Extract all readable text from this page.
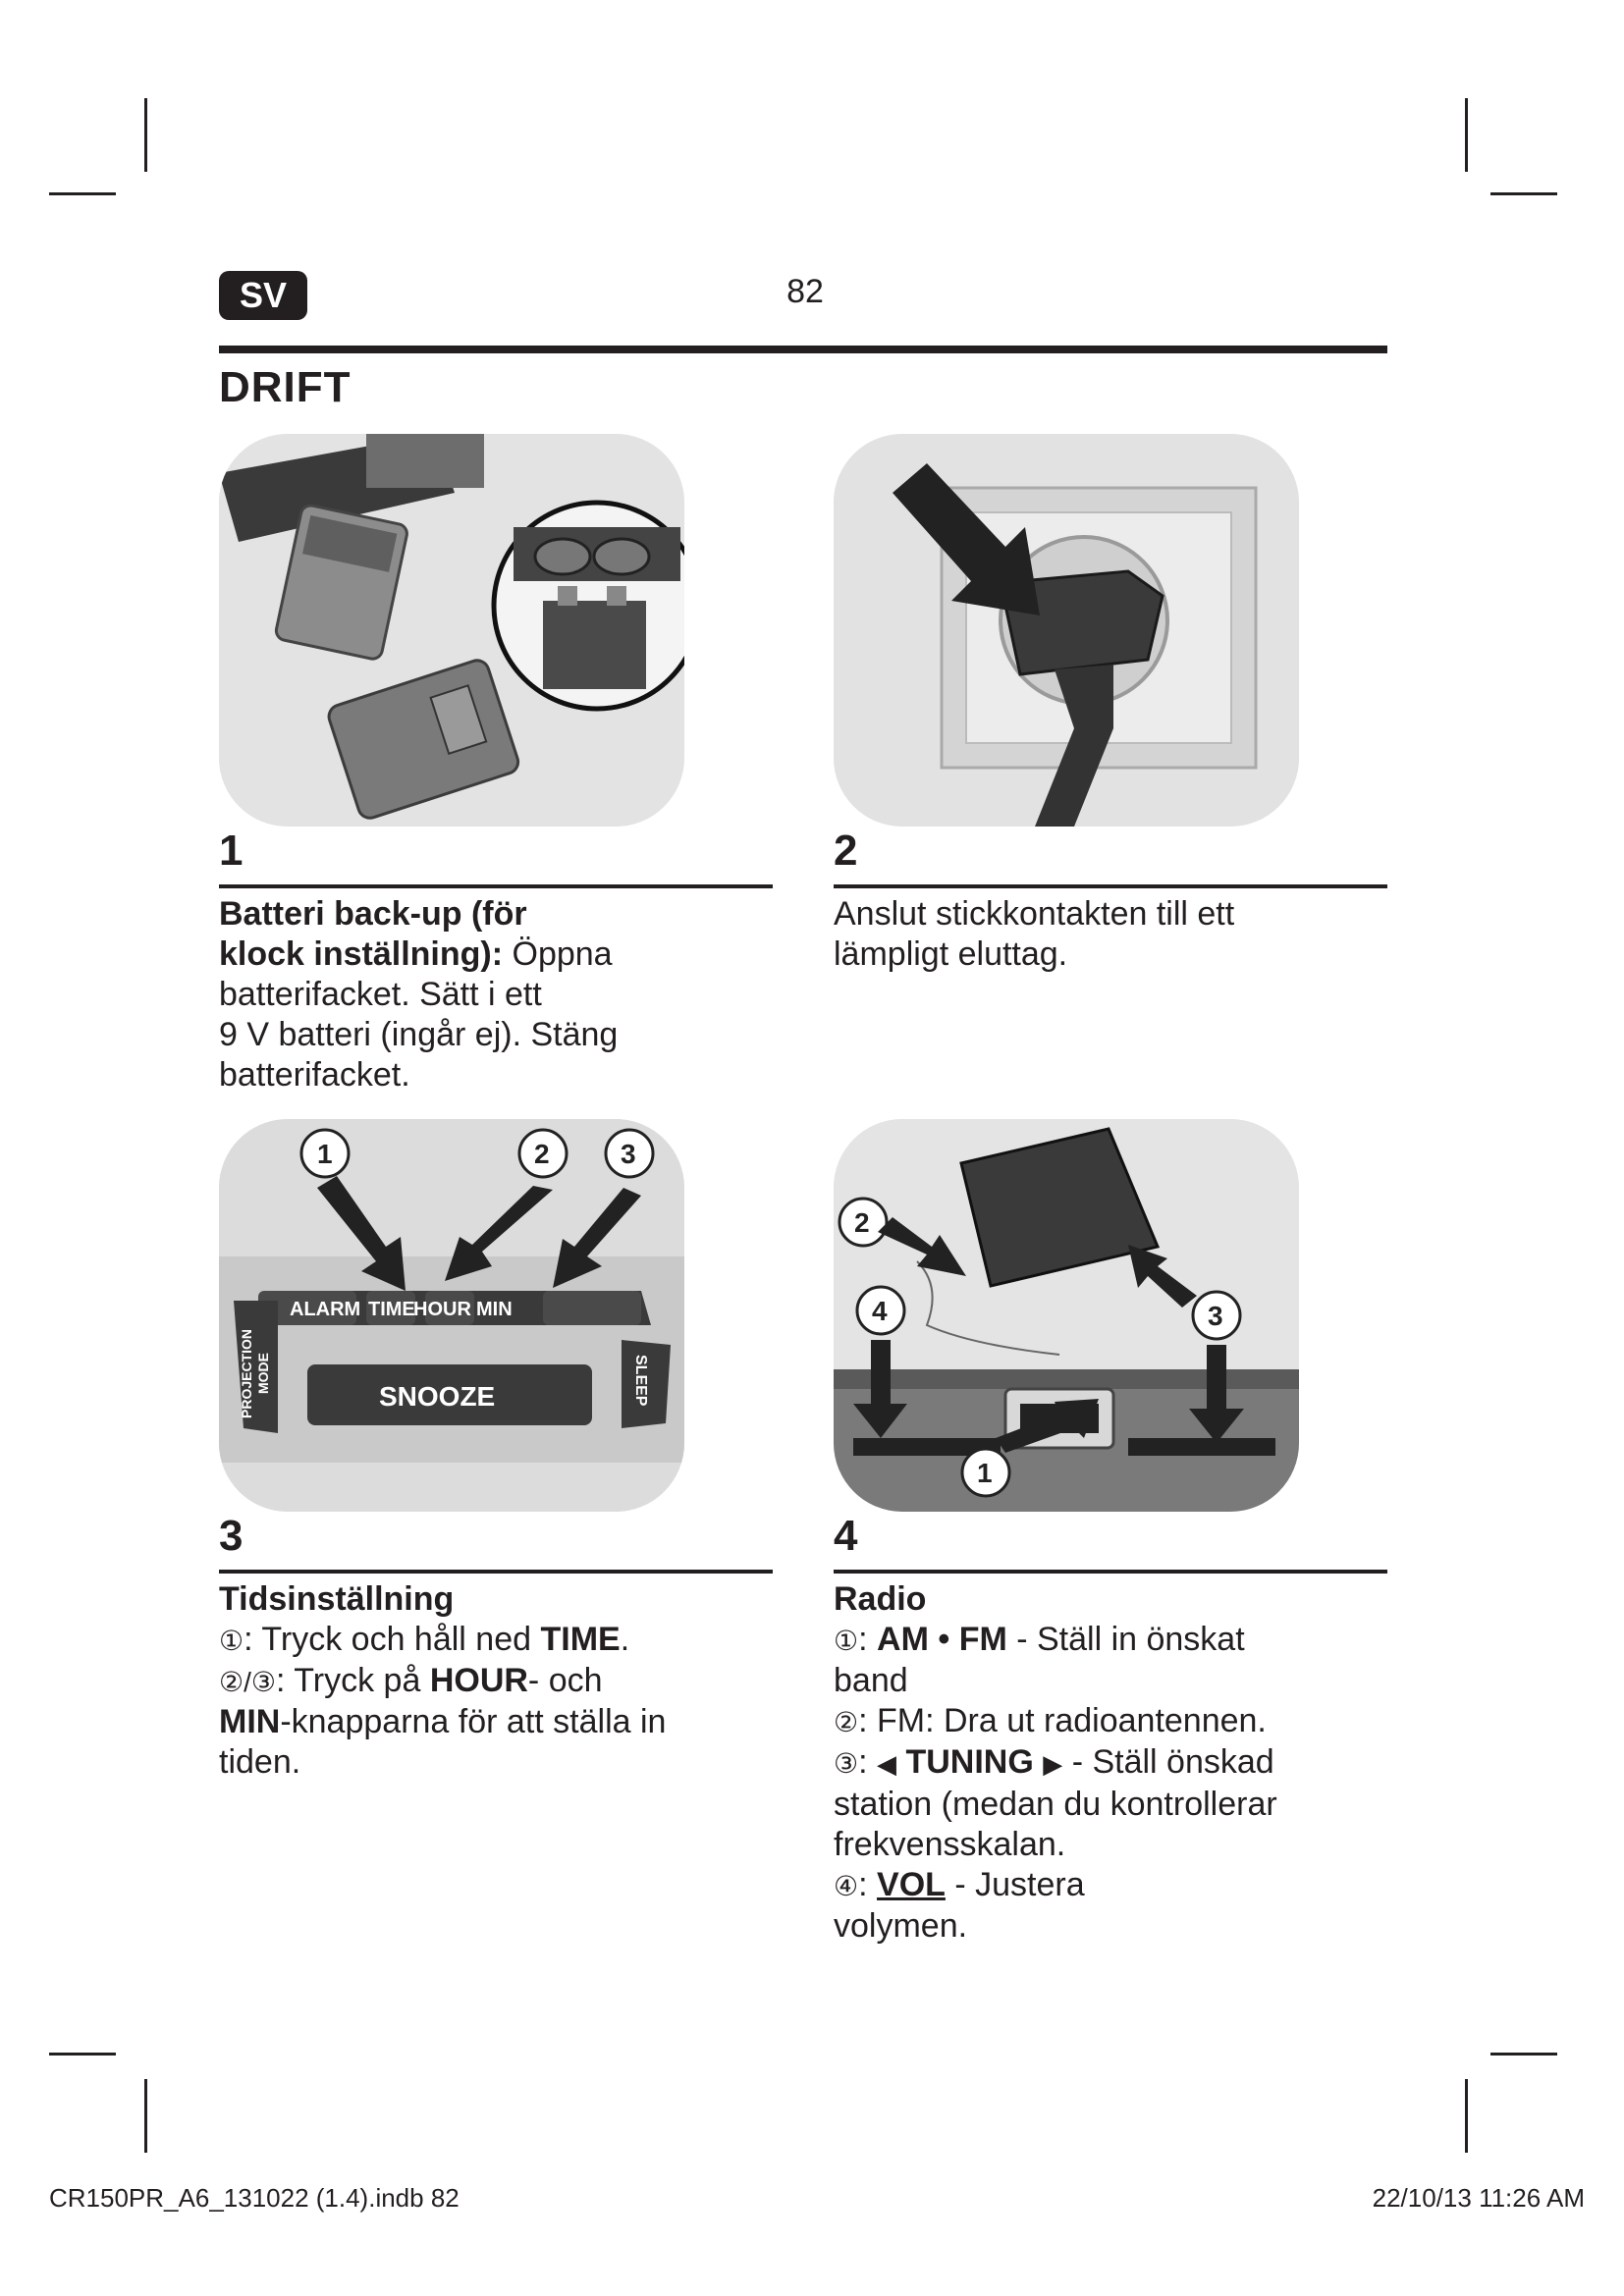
SV	82
DRIFT
1
Batteri back-up (för
klock inställning): Öppna
batterifacket. Sätt i ett
9 V batteri (ingår ej). Stäng
batterifacket.
2
Anslut stickkontakten till ett
lämpligt eluttag.
ALARM TIME
HOUR MIN
PROJECTION MODE
SNOOZE	SLEEP
1	2	3
2
4	3
1
3
Tidsinställning
①: Tryck och håll ned TIME.
②/③: Tryck på HOUR- och
MIN-knapparna för att ställa in
tiden.
4
Radio
①: AM • FM - Ställ in önskat
band
②: FM: Dra ut radioantennen.
③: ◀ TUNING ▶ - Ställ önskad
station (medan du kontrollerar
frekvensskalan.
④: VOL - Justera
volymen.
CR150PR_A6_131022 (1.4).indb 82	22/10/13 11:26 AM
